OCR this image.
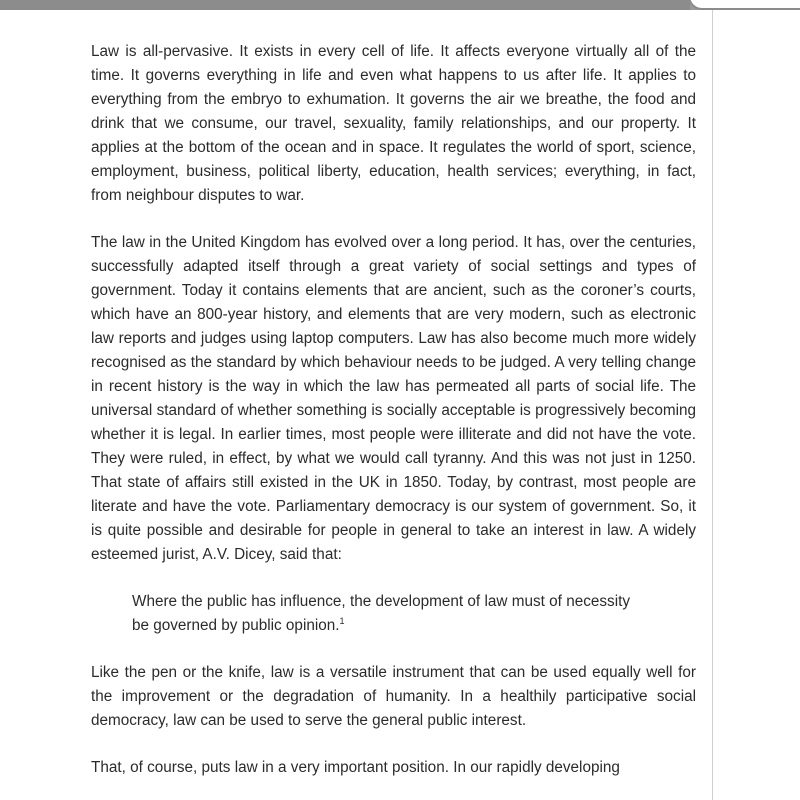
Law is all-pervasive. It exists in every cell of life. It affects everyone virtually all of the time. It governs everything in life and even what happens to us after life. It applies to everything from the embryo to exhumation. It governs the air we breathe, the food and drink that we consume, our travel, sexuality, family relationships, and our property. It applies at the bottom of the ocean and in space. It regulates the world of sport, science, employment, business, political liberty, education, health services; everything, in fact, from neighbour disputes to war.

The law in the United Kingdom has evolved over a long period. It has, over the centuries, successfully adapted itself through a great variety of social settings and types of government. Today it contains elements that are ancient, such as the coroner’s courts, which have an 800-year history, and elements that are very modern, such as electronic law reports and judges using laptop computers. Law has also become much more widely recognised as the standard by which behaviour needs to be judged. A very telling change in recent history is the way in which the law has permeated all parts of social life. The universal standard of whether something is socially acceptable is progressively becoming whether it is legal. In earlier times, most people were illiterate and did not have the vote. They were ruled, in effect, by what we would call tyranny. And this was not just in 1250. That state of affairs still existed in the UK in 1850. Today, by contrast, most people are literate and have the vote. Parliamentary democracy is our system of government. So, it is quite possible and desirable for people in general to take an interest in law. A widely esteemed jurist, A.V. Dicey, said that:

Where the public has influence, the development of law must of necessity be governed by public opinion.$^1$

Like the pen or the knife, law is a versatile instrument that can be used equally well for the improvement or the degradation of humanity. In a healthily participative social democracy, law can be used to serve the general public interest.

That, of course, puts law in a very important position. In our rapidly developing
